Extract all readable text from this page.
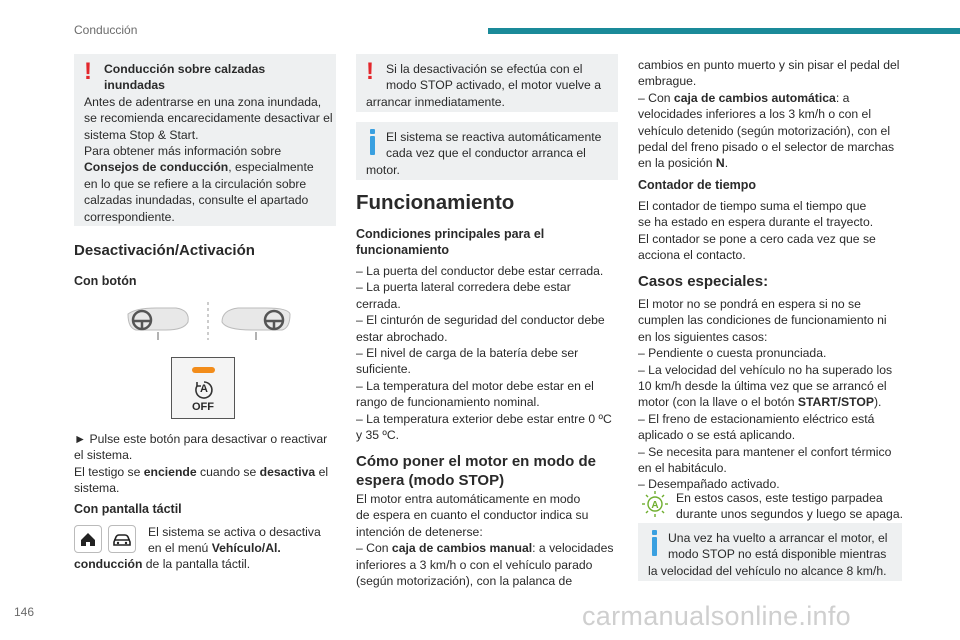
Conducción
146	carmanualsonline.info
! Conducción sobre calzadas
inundadas
Antes de adentrarse en una zona inundada,
se recomienda encarecidamente desactivar el
sistema Stop & Start.
Para obtener más información sobre
Consejos de conducción, especialmente
en lo que se refiere a la circulación sobre
calzadas inundadas, consulte el apartado
correspondiente.
Desactivación/Activación
Con botón
A
OFF
► Pulse este botón para desactivar o reactivar
el sistema.
El testigo se enciende cuando se desactiva el
sistema.
Con pantalla táctil
El sistema se activa o desactiva
en el menú Vehículo/Al.
conducción de la pantalla táctil.
! Si la desactivación se efectúa con el
modo STOP activado, el motor vuelve a
arrancar inmediatamente.
El sistema se reactiva automáticamente
cada vez que el conductor arranca el
motor.
Funcionamiento
Condiciones principales para el
funcionamiento
– La puerta del conductor debe estar cerrada.
– La puerta lateral corredera debe estar
cerrada.
– El cinturón de seguridad del conductor debe
estar abrochado.
– El nivel de carga de la batería debe ser
suficiente.
– La temperatura del motor debe estar en el
rango de funcionamiento nominal.
– La temperatura exterior debe estar entre 0 ºC
y 35 ºC.
Cómo poner el motor en modo de
espera (modo STOP)
El motor entra automáticamente en modo
de espera en cuanto el conductor indica su
intención de detenerse:
– Con caja de cambios manual: a velocidades
inferiores a 3 km/h o con el vehículo parado
(según motorización), con la palanca de
cambios en punto muerto y sin pisar el pedal del
embrague.
– Con caja de cambios automática: a
velocidades inferiores a los 3 km/h o con el
vehículo detenido (según motorización), con el
pedal del freno pisado o el selector de marchas
en la posición N.
Contador de tiempo
El contador de tiempo suma el tiempo que
se ha estado en espera durante el trayecto.
El contador se pone a cero cada vez que se
acciona el contacto.
Casos especiales:
El motor no se pondrá en espera si no se
cumplen las condiciones de funcionamiento ni
en los siguientes casos:
– Pendiente o cuesta pronunciada.
– La velocidad del vehículo no ha superado los
10 km/h desde la última vez que se arrancó el
motor (con la llave o el botón START/STOP).
– El freno de estacionamiento eléctrico está
aplicado o se está aplicando.
– Se necesita para mantener el confort térmico
en el habitáculo.
– Desempañado activado.
A
En estos casos, este testigo parpadea
durante unos segundos y luego se apaga.
Una vez ha vuelto a arrancar el motor, el
modo STOP no está disponible mientras
la velocidad del vehículo no alcance 8 km/h.
